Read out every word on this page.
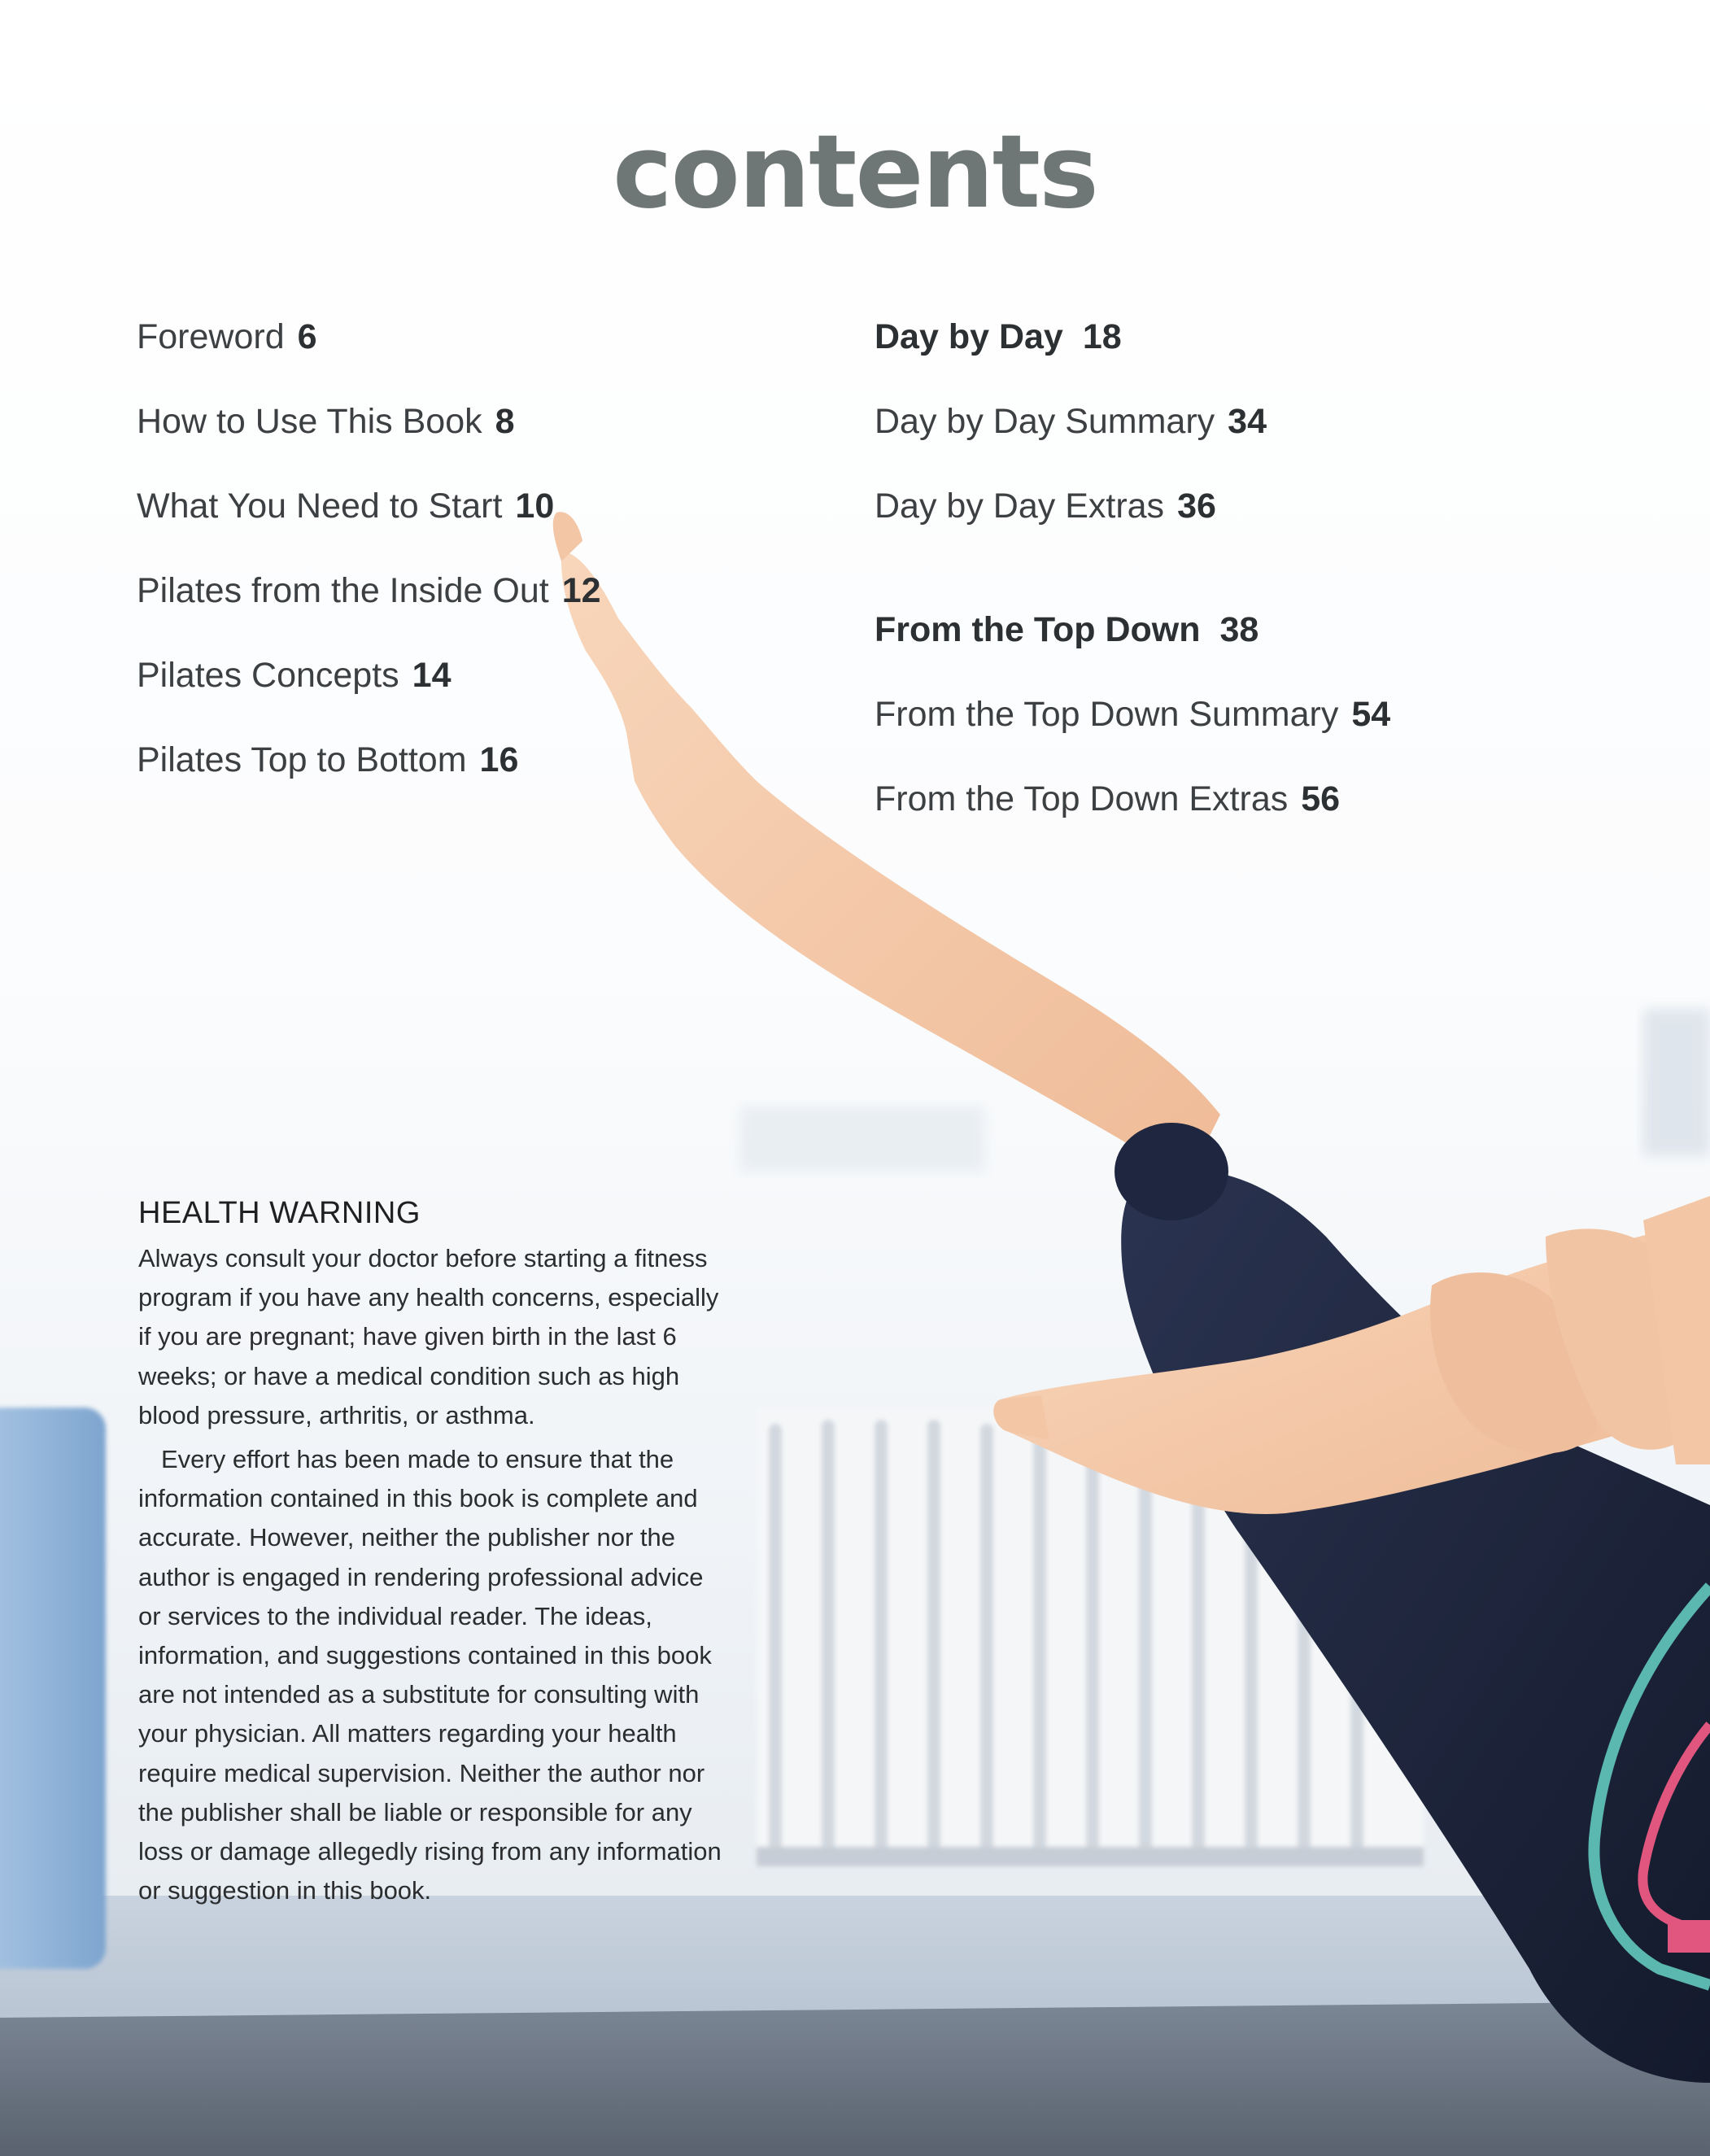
contents
Foreword 6
How to Use This Book 8
What You Need to Start 10
Pilates from the Inside Out 12
Pilates Concepts 14
Pilates Top to Bottom 16
Day by Day 18
Day by Day Summary 34
Day by Day Extras 36
From the Top Down 38
From the Top Down Summary 54
From the Top Down Extras 56
HEALTH WARNING

Always consult your doctor before starting a fitness program if you have any health concerns, especially if you are pregnant; have given birth in the last 6 weeks; or have a medical condition such as high blood pressure, arthritis, or asthma.

Every effort has been made to ensure that the information contained in this book is complete and accurate. However, neither the publisher nor the author is engaged in rendering professional advice or services to the individual reader. The ideas, information, and suggestions contained in this book are not intended as a substitute for consulting with your physician. All matters regarding your health require medical supervision. Neither the author nor the publisher shall be liable or responsible for any loss or damage allegedly rising from any information or suggestion in this book.
